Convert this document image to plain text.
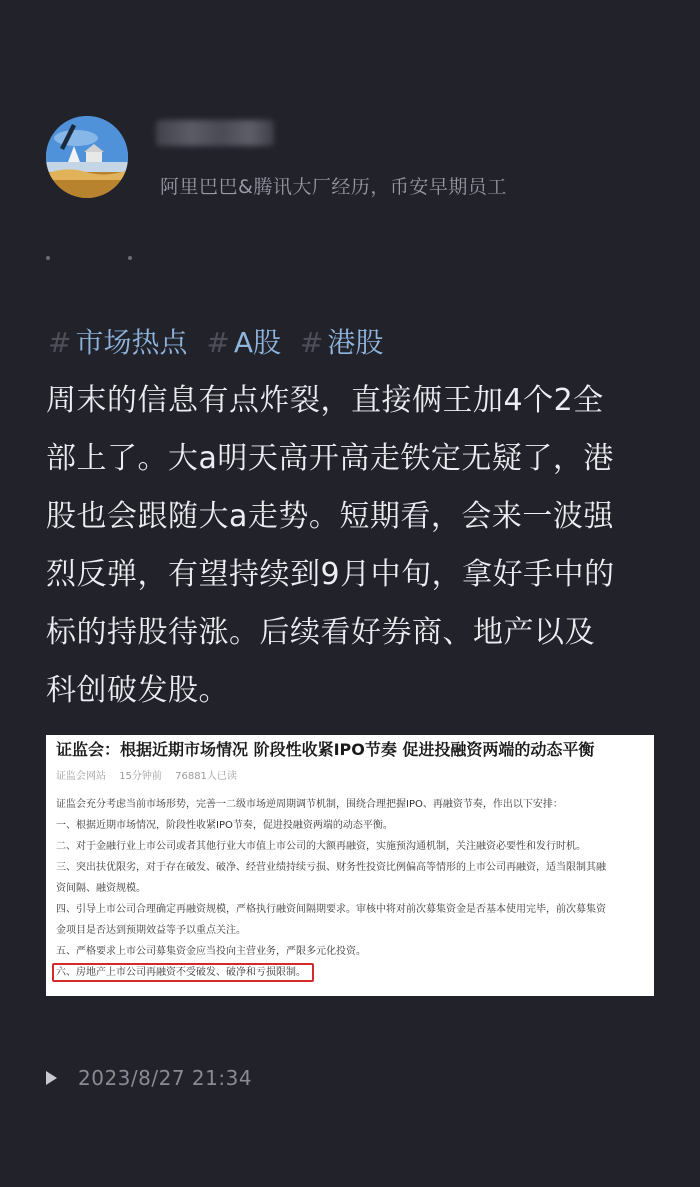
阿里巴巴&腾讯大厂经历，币安早期员工
# 市场热点 # A股 # 港股
周末的信息有点炸裂，直接俩王加4个2全
部上了。大a明天高开高走铁定无疑了，港
股也会跟随大a走势。短期看，会来一波强
烈反弹，有望持续到9月中旬，拿好手中的
标的持股待涨。后续看好券商、地产以及
科创破发股。
证监会：根据近期市场情况 阶段性收紧IPO节奏 促进投融资两端的动态平衡
证监会网站 15分钟前 76881人已读
证监会充分考虑当前市场形势，完善一二级市场逆周期调节机制，围绕合理把握IPO、再融资节奏，作出以下安排：
一、根据近期市场情况，阶段性收紧IPO节奏，促进投融资两端的动态平衡。
二、对于金融行业上市公司或者其他行业大市值上市公司的大额再融资，实施预沟通机制，关注融资必要性和发行时机。
三、突出扶优限劣，对于存在破发、破净、经营业绩持续亏损、财务性投资比例偏高等情形的上市公司再融资，适当限制其融
资间隔、融资规模。
四、引导上市公司合理确定再融资规模，严格执行融资间隔期要求。审核中将对前次募集资金是否基本使用完毕，前次募集资
金项目是否达到预期效益等予以重点关注。
五、严格要求上市公司募集资金应当投向主营业务，严限多元化投资。
六、房地产上市公司再融资不受破发、破净和亏损限制。
2023/8/27 21:34
